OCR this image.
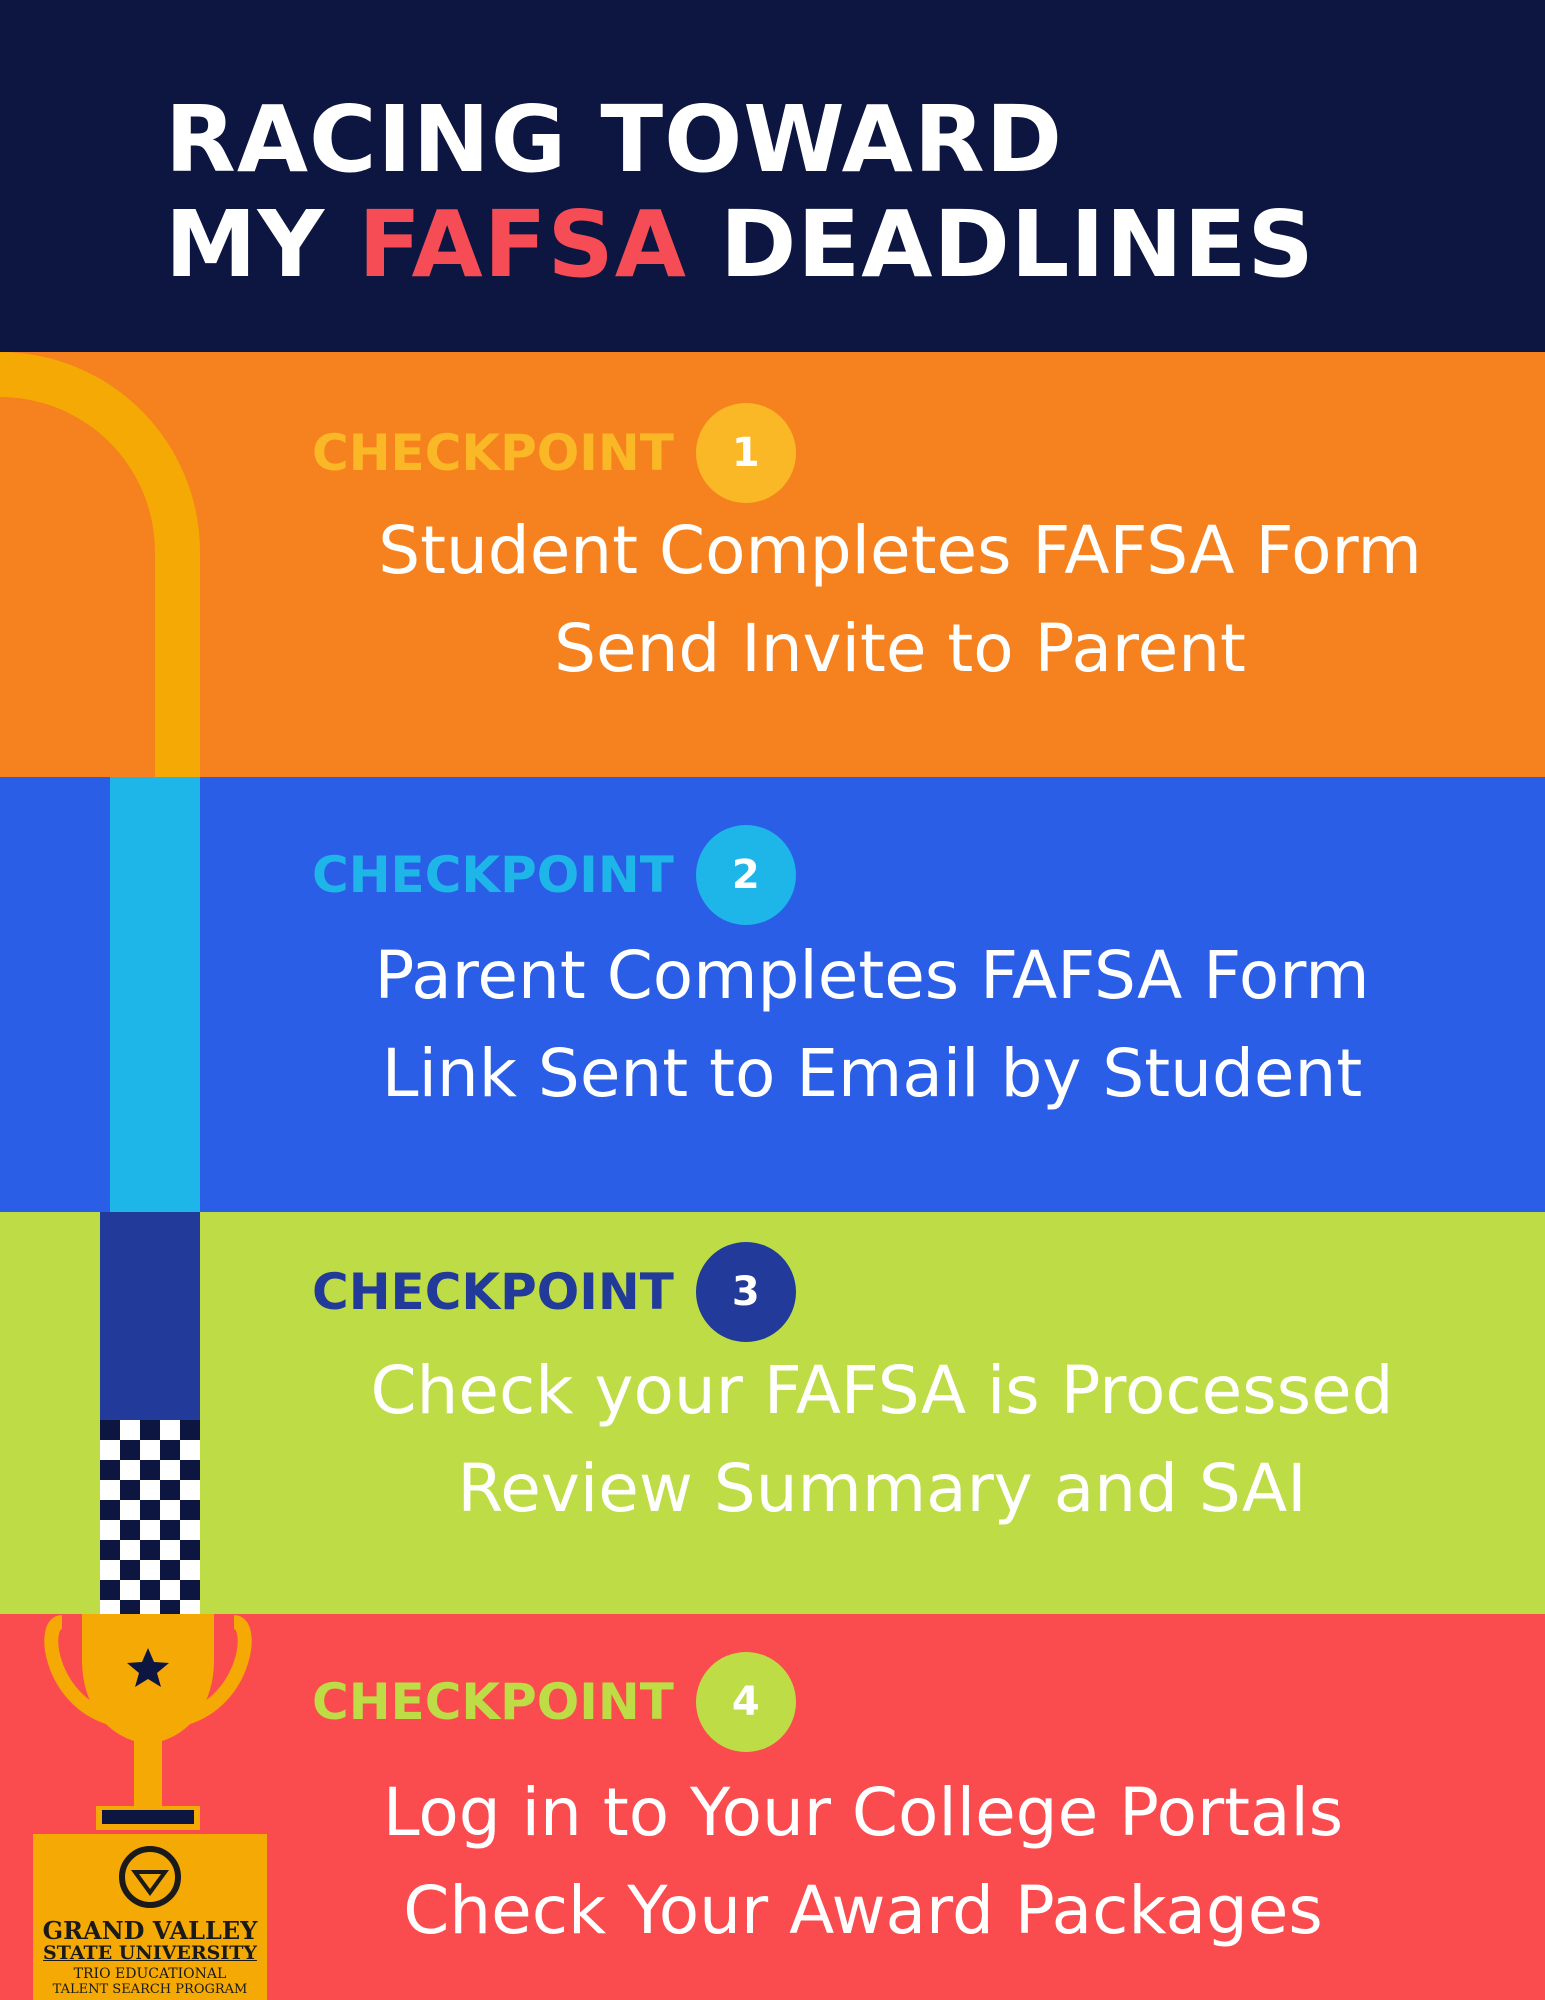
RACING TOWARD
MY FAFSA DEADLINES
CHECKPOINT	1
Student Completes FAFSA Form
Send Invite to Parent
CHECKPOINT	2
Parent Completes FAFSA Form
Link Sent to Email by Student
CHECKPOINT	3
Check your FAFSA is Processed
Review Summary and SAI
CHECKPOINT	4
Log in to Your College Portals
Check Your Award Packages
GRAND VALLEY
STATE UNIVERSITY
TRIO EDUCATIONAL
TALENT SEARCH PROGRAM
